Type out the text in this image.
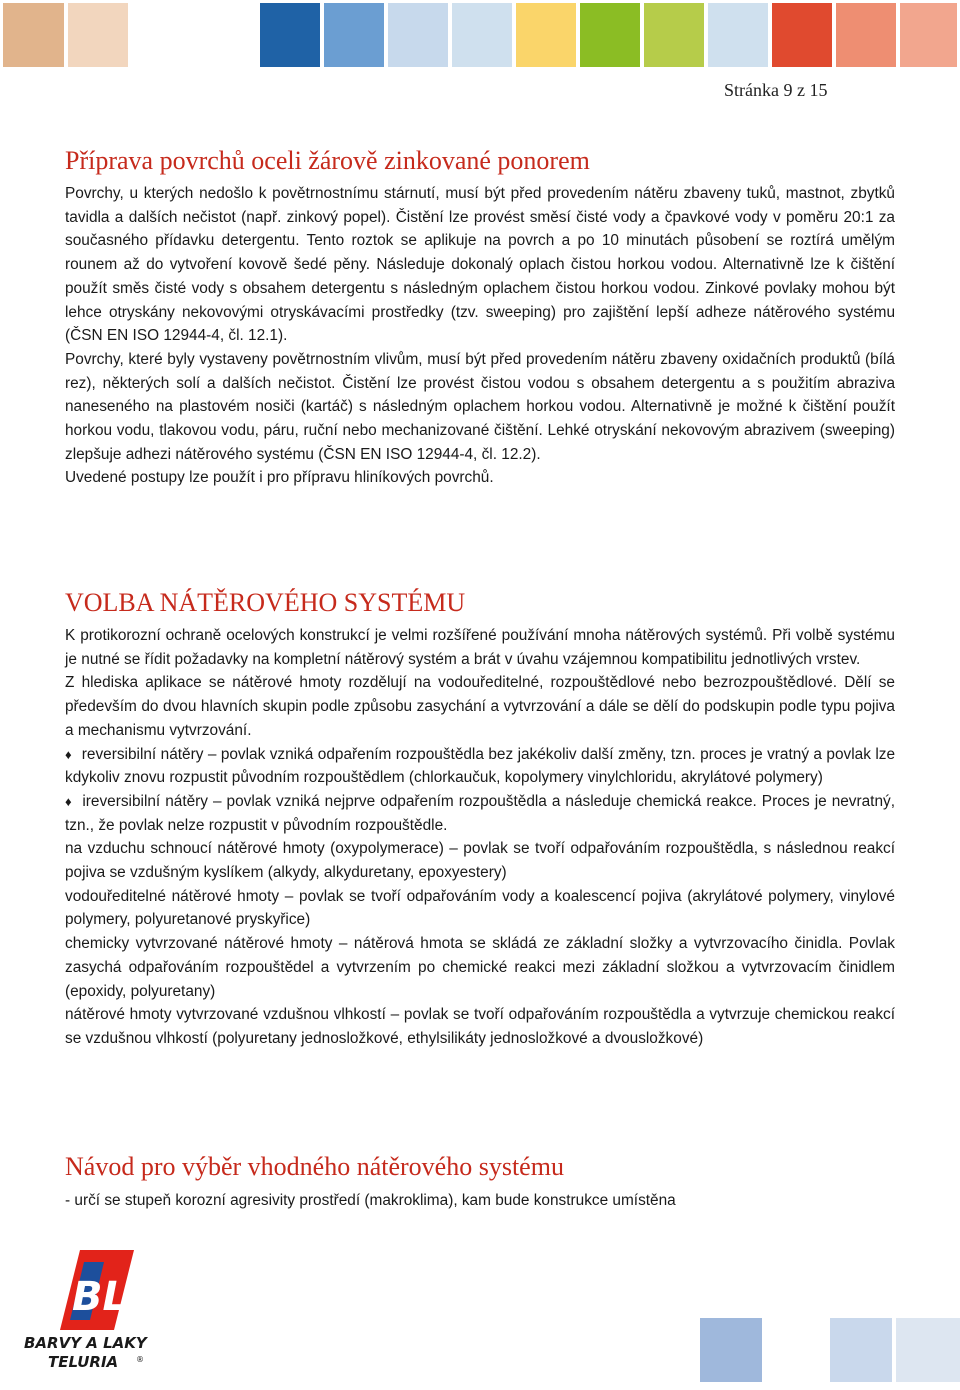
Stránka 9 z 15
Příprava povrchů oceli žárově zinkované ponorem

Povrchy, u kterých nedošlo k povětrnostnímu stárnutí, musí být před provedením nátěru zbaveny tuků, mastnot, zbytků tavidla a dalších nečistot (např. zinkový popel). Čistění lze provést směsí čisté vody a čpavkové vody v poměru 20:1 za současného přídavku detergentu. Tento roztok se aplikuje na povrch a po 10 minutách působení se roztírá umělým rounem až do vytvoření kovově šedé pěny. Následuje dokonalý oplach čistou horkou vodou. Alternativně lze k čištění použít směs čisté vody s obsahem detergentu s následným oplachem čistou horkou vodou. Zinkové povlaky mohou být lehce otryskány nekovovými otryskávacími prostředky (tzv. sweeping) pro zajištění lepší adheze nátěrového systému (ČSN EN ISO 12944-4, čl. 12.1).

Povrchy, které byly vystaveny povětrnostním vlivům, musí být před provedením nátěru zbaveny oxidačních produktů (bílá rez), některých solí a dalších nečistot. Čistění lze provést čistou vodou s obsahem detergentu a s použitím abraziva naneseného na plastovém nosiči (kartáč) s následným oplachem horkou vodou. Alternativně je možné k čištění použít horkou vodu, tlakovou vodu, páru, ruční nebo mechanizované čištění. Lehké otryskání nekovovým abrazivem (sweeping) zlepšuje adhezi nátěrového systému (ČSN EN ISO 12944-4, čl. 12.2).

Uvedené postupy lze použít i pro přípravu hliníkových povrchů.

VOLBA NÁTĚROVÉHO SYSTÉMU

K protikorozní ochraně ocelových konstrukcí je velmi rozšířené používání mnoha nátěrových systémů. Při volbě systému je nutné se řídit požadavky na kompletní nátěrový systém a brát v úvahu vzájemnou kompatibilitu jednotlivých vrstev.

Z hlediska aplikace se nátěrové hmoty rozdělují na vodouředitelné, rozpouštědlové nebo bezrozpouštědlové. Dělí se především do dvou hlavních skupin podle způsobu zasychání a vytvrzování a dále se dělí do podskupin podle typu pojiva a mechanismu vytvrzování.

♦ reversibilní nátěry – povlak vzniká odpařením rozpouštědla bez jakékoliv další změny, tzn. proces je vratný a povlak lze kdykoliv znovu rozpustit původním rozpouštědlem (chlorkaučuk, kopolymery vinylchloridu, akrylátové polymery)

♦ ireversibilní nátěry – povlak vzniká nejprve odpařením rozpouštědla a následuje chemická reakce. Proces je nevratný, tzn., že povlak nelze rozpustit v původním rozpouštědle.

na vzduchu schnoucí nátěrové hmoty (oxypolymerace) – povlak se tvoří odpařováním rozpouštědla, s následnou reakcí pojiva se vzdušným kyslíkem (alkydy, alkyduretany, epoxyestery)

vodouředitelné nátěrové hmoty – povlak se tvoří odpařováním vody a koalescencí pojiva (akrylátové polymery, vinylové polymery, polyuretanové pryskyřice)

chemicky vytvrzované nátěrové hmoty – nátěrová hmota se skládá ze základní složky a vytvrzovacího činidla. Povlak zasychá odpařováním rozpouštědel a vytvrzením po chemické reakci mezi základní složkou a vytvrzovacím činidlem (epoxidy, polyuretany)

nátěrové hmoty vytvrzované vzdušnou vlhkostí – povlak se tvoří odpařováním rozpouštědla a vytvrzuje chemickou reakcí se vzdušnou vlhkostí (polyuretany jednosložkové, ethylsilikáty jednosložkové a dvousložkové)

Návod pro výběr vhodného nátěrového systému

- určí se stupeň korozní agresivity prostředí (makroklima), kam bude konstrukce umístěna

BL
BARVY A LAKY
TELURIA ®
